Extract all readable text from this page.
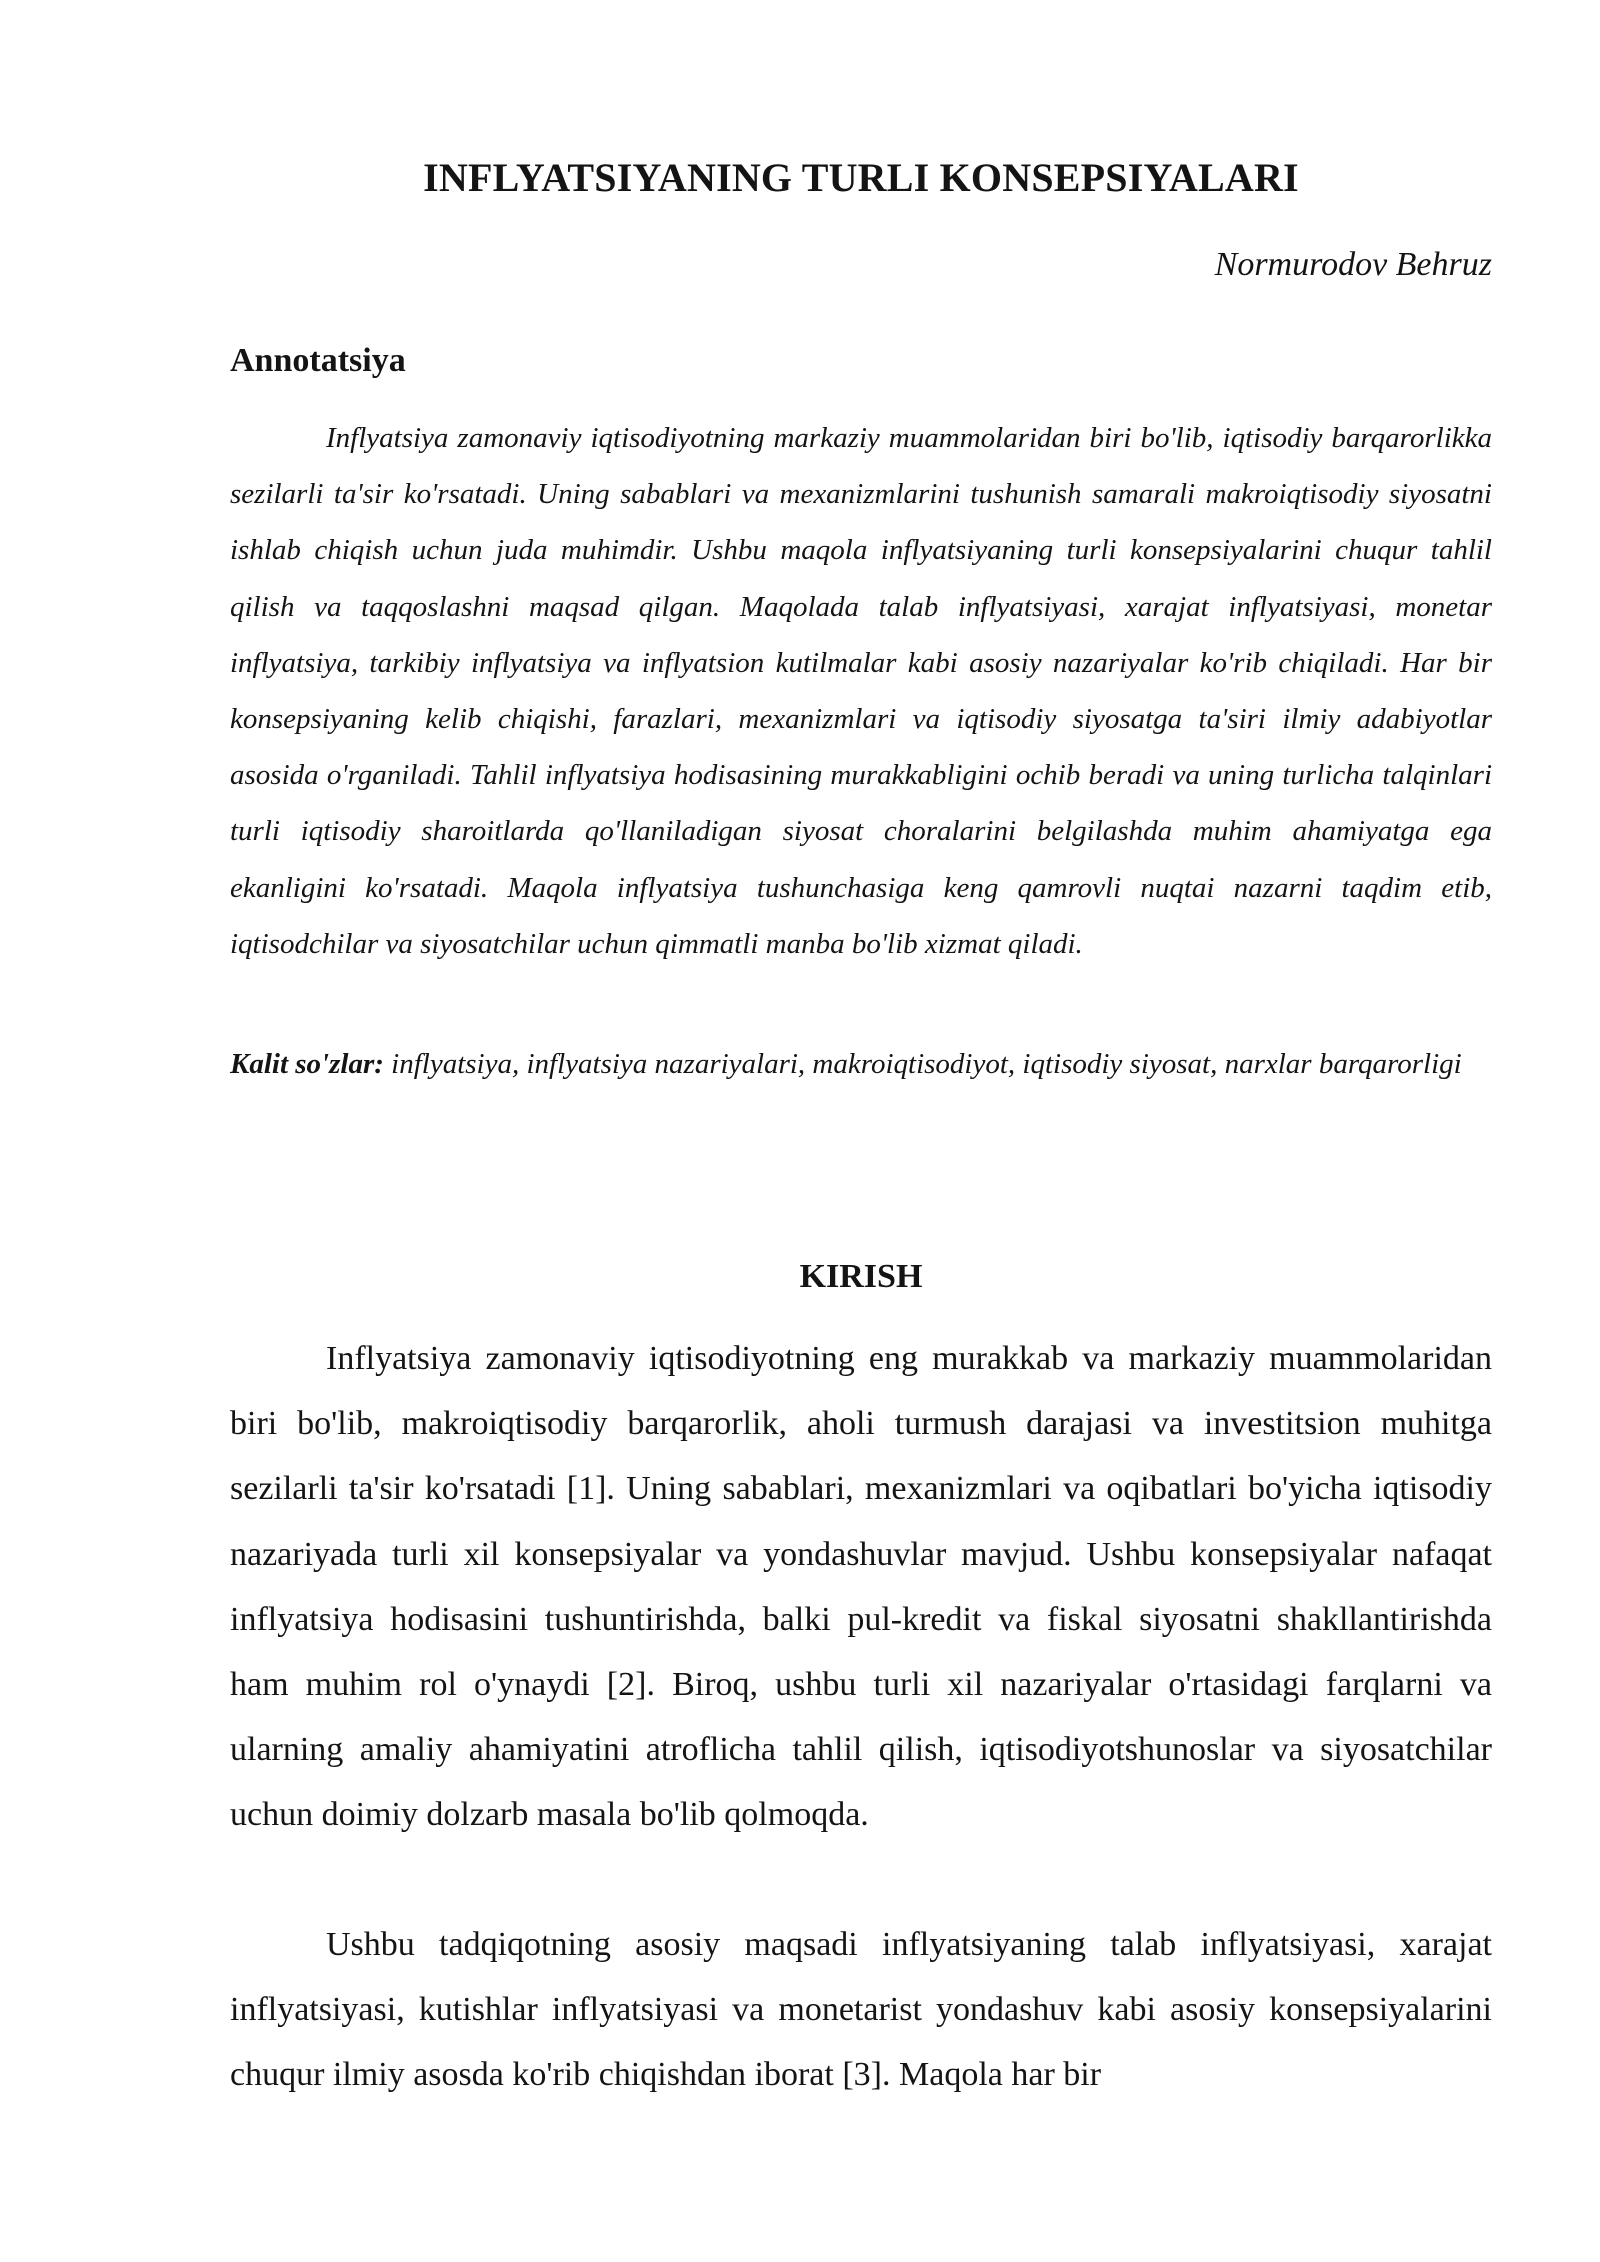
INFLYATSIYANING TURLI KONSEPSIYALARI

Normurodov Behruz

Annotatsiya

Inflyatsiya zamonaviy iqtisodiyotning markaziy muammolaridan biri bo'lib, iqtisodiy barqarorlikka sezilarli ta'sir ko'rsatadi. Uning sabablari va mexanizmlarini tushunish samarali makroiqtisodiy siyosatni ishlab chiqish uchun juda muhimdir. Ushbu maqola inflyatsiyaning turli konsepsiyalarini chuqur tahlil qilish va taqqoslashni maqsad qilgan. Maqolada talab inflyatsiyasi, xarajat inflyatsiyasi, monetar inflyatsiya, tarkibiy inflyatsiya va inflyatsion kutilmalar kabi asosiy nazariyalar ko'rib chiqiladi. Har bir konsepsiyaning kelib chiqishi, farazlari, mexanizmlari va iqtisodiy siyosatga ta'siri ilmiy adabiyotlar asosida o'rganiladi. Tahlil inflyatsiya hodisasining murakkabligini ochib beradi va uning turlicha talqinlari turli iqtisodiy sharoitlarda qo'llaniladigan siyosat choralarini belgilashda muhim ahamiyatga ega ekanligini ko'rsatadi. Maqola inflyatsiya tushunchasiga keng qamrovli nuqtai nazarni taqdim etib, iqtisodchilar va siyosatchilar uchun qimmatli manba bo'lib xizmat qiladi.

Kalit so'zlar: inflyatsiya, inflyatsiya nazariyalari, makroiqtisodiyot, iqtisodiy siyosat, narxlar barqarorligi

KIRISH

Inflyatsiya zamonaviy iqtisodiyotning eng murakkab va markaziy muammolaridan biri bo'lib, makroiqtisodiy barqarorlik, aholi turmush darajasi va investitsion muhitga sezilarli ta'sir ko'rsatadi [1]. Uning sabablari, mexanizmlari va oqibatlari bo'yicha iqtisodiy nazariyada turli xil konsepsiyalar va yondashuvlar mavjud. Ushbu konsepsiyalar nafaqat inflyatsiya hodisasini tushuntirishda, balki pul-kredit va fiskal siyosatni shakllantirishda ham muhim rol o'ynaydi [2]. Biroq, ushbu turli xil nazariyalar o'rtasidagi farqlarni va ularning amaliy ahamiyatini atroflicha tahlil qilish, iqtisodiyotshunoslar va siyosatchilar uchun doimiy dolzarb masala bo'lib qolmoqda.

Ushbu tadqiqotning asosiy maqsadi inflyatsiyaning talab inflyatsiyasi, xarajat inflyatsiyasi, kutishlar inflyatsiyasi va monetarist yondashuv kabi asosiy konsepsiyalarini chuqur ilmiy asosda ko'rib chiqishdan iborat [3]. Maqola har bir
